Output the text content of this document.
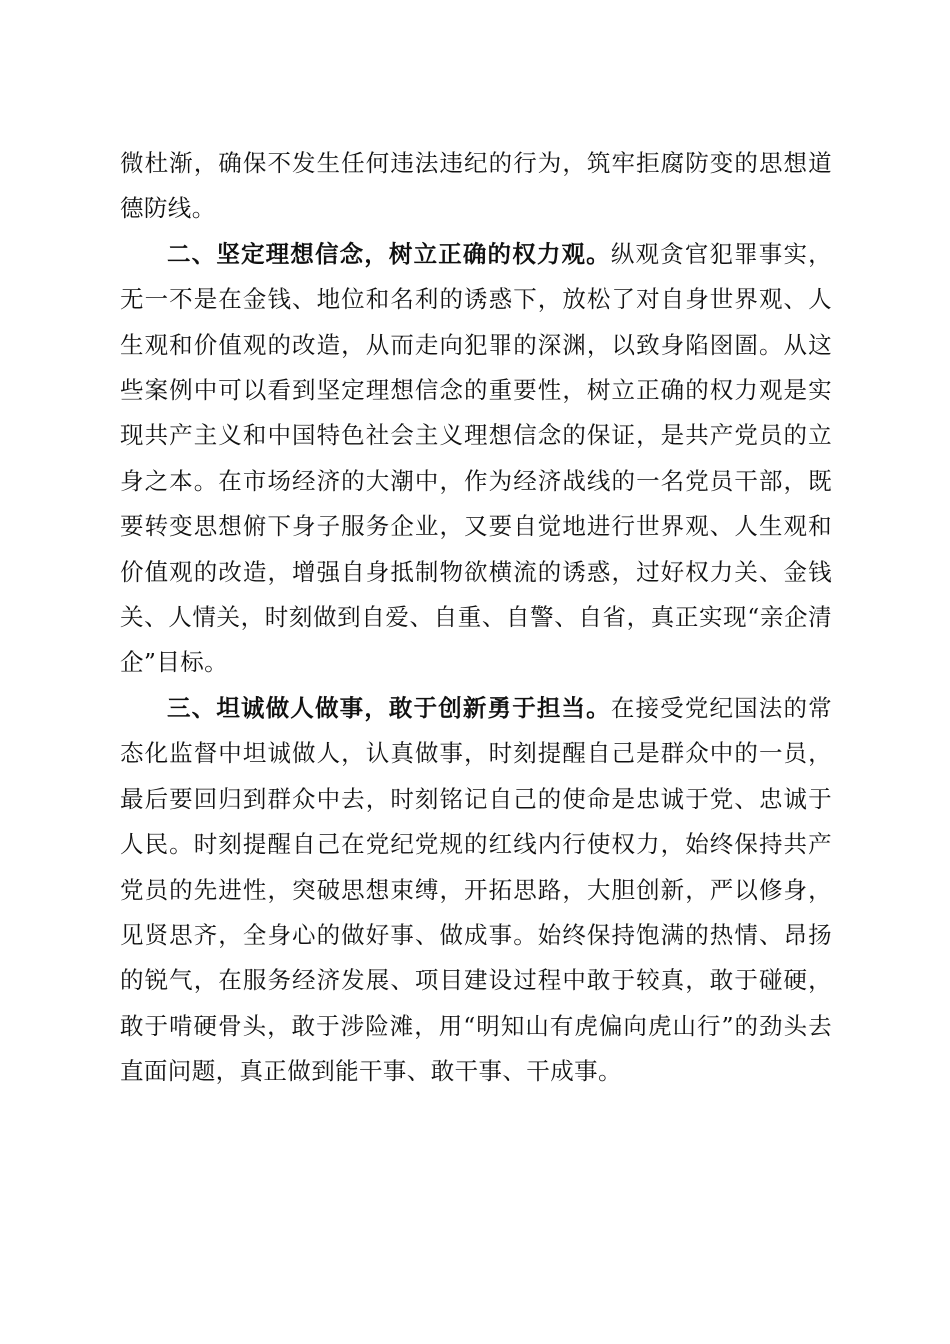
微杜渐，确保不发生任何违法违纪的行为，筑牢拒腐防变的思想道德防线。

二、坚定理想信念，树立正确的权力观。纵观贪官犯罪事实，无一不是在金钱、地位和名利的诱惑下，放松了对自身世界观、人生观和价值观的改造，从而走向犯罪的深渊，以致身陷囹圄。从这些案例中可以看到坚定理想信念的重要性，树立正确的权力观是实现共产主义和中国特色社会主义理想信念的保证，是共产党员的立身之本。在市场经济的大潮中，作为经济战线的一名党员干部，既要转变思想俯下身子服务企业，又要自觉地进行世界观、人生观和价值观的改造，增强自身抵制物欲横流的诱惑，过好权力关、金钱关、人情关，时刻做到自爱、自重、自警、自省，真正实现“亲企清企”目标。

三、坦诚做人做事，敢于创新勇于担当。在接受党纪国法的常态化监督中坦诚做人，认真做事，时刻提醒自己是群众中的一员，最后要回归到群众中去，时刻铭记自己的使命是忠诚于党、忠诚于人民。时刻提醒自己在党纪党规的红线内行使权力，始终保持共产党员的先进性，突破思想束缚，开拓思路，大胆创新，严以修身，见贤思齐，全身心的做好事、做成事。始终保持饱满的热情、昂扬的锐气，在服务经济发展、项目建设过程中敢于较真，敢于碰硬，敢于啃硬骨头，敢于涉险滩，用“明知山有虎偏向虎山行”的劲头去直面问题，真正做到能干事、敢干事、干成事。
